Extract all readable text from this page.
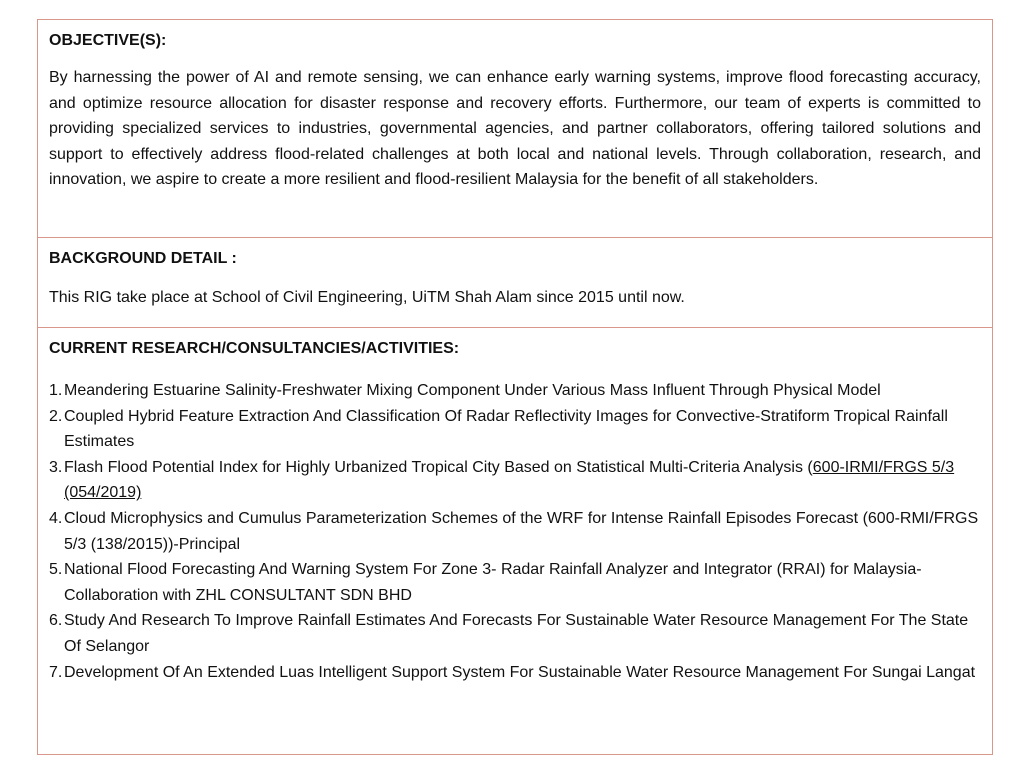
OBJECTIVE(S):

By harnessing the power of AI and remote sensing, we can enhance early warning systems, improve flood forecasting accuracy, and optimize resource allocation for disaster response and recovery efforts. Furthermore, our team of experts is committed to providing specialized services to industries, governmental agencies, and partner collaborators, offering tailored solutions and support to effectively address flood-related challenges at both local and national levels. Through collaboration, research, and innovation, we aspire to create a more resilient and flood-resilient Malaysia for the benefit of all stakeholders.

BACKGROUND DETAIL :

This RIG take place at School of Civil Engineering, UiTM Shah Alam since 2015 until now.

CURRENT RESEARCH/CONSULTANCIES/ACTIVITIES:

1. Meandering Estuarine Salinity-Freshwater Mixing Component Under Various Mass Influent Through Physical Model
2. Coupled Hybrid Feature Extraction And Classification Of Radar Reflectivity Images for Convective-Stratiform Tropical Rainfall Estimates
3. Flash Flood Potential Index for Highly Urbanized Tropical City Based on Statistical Multi-Criteria Analysis (600-IRMI/FRGS 5/3 (054/2019)
4. Cloud Microphysics and Cumulus Parameterization Schemes of the WRF for Intense Rainfall Episodes Forecast (600-RMI/FRGS 5/3 (138/2015))-Principal
5. National Flood Forecasting And Warning System For Zone 3- Radar Rainfall Analyzer and Integrator (RRAI) for Malaysia- Collaboration with ZHL CONSULTANT SDN BHD
6. Study And Research To Improve Rainfall Estimates And Forecasts For Sustainable Water Resource Management For The State Of Selangor
7. Development Of An Extended Luas Intelligent Support System For Sustainable Water Resource Management For Sungai Langat
